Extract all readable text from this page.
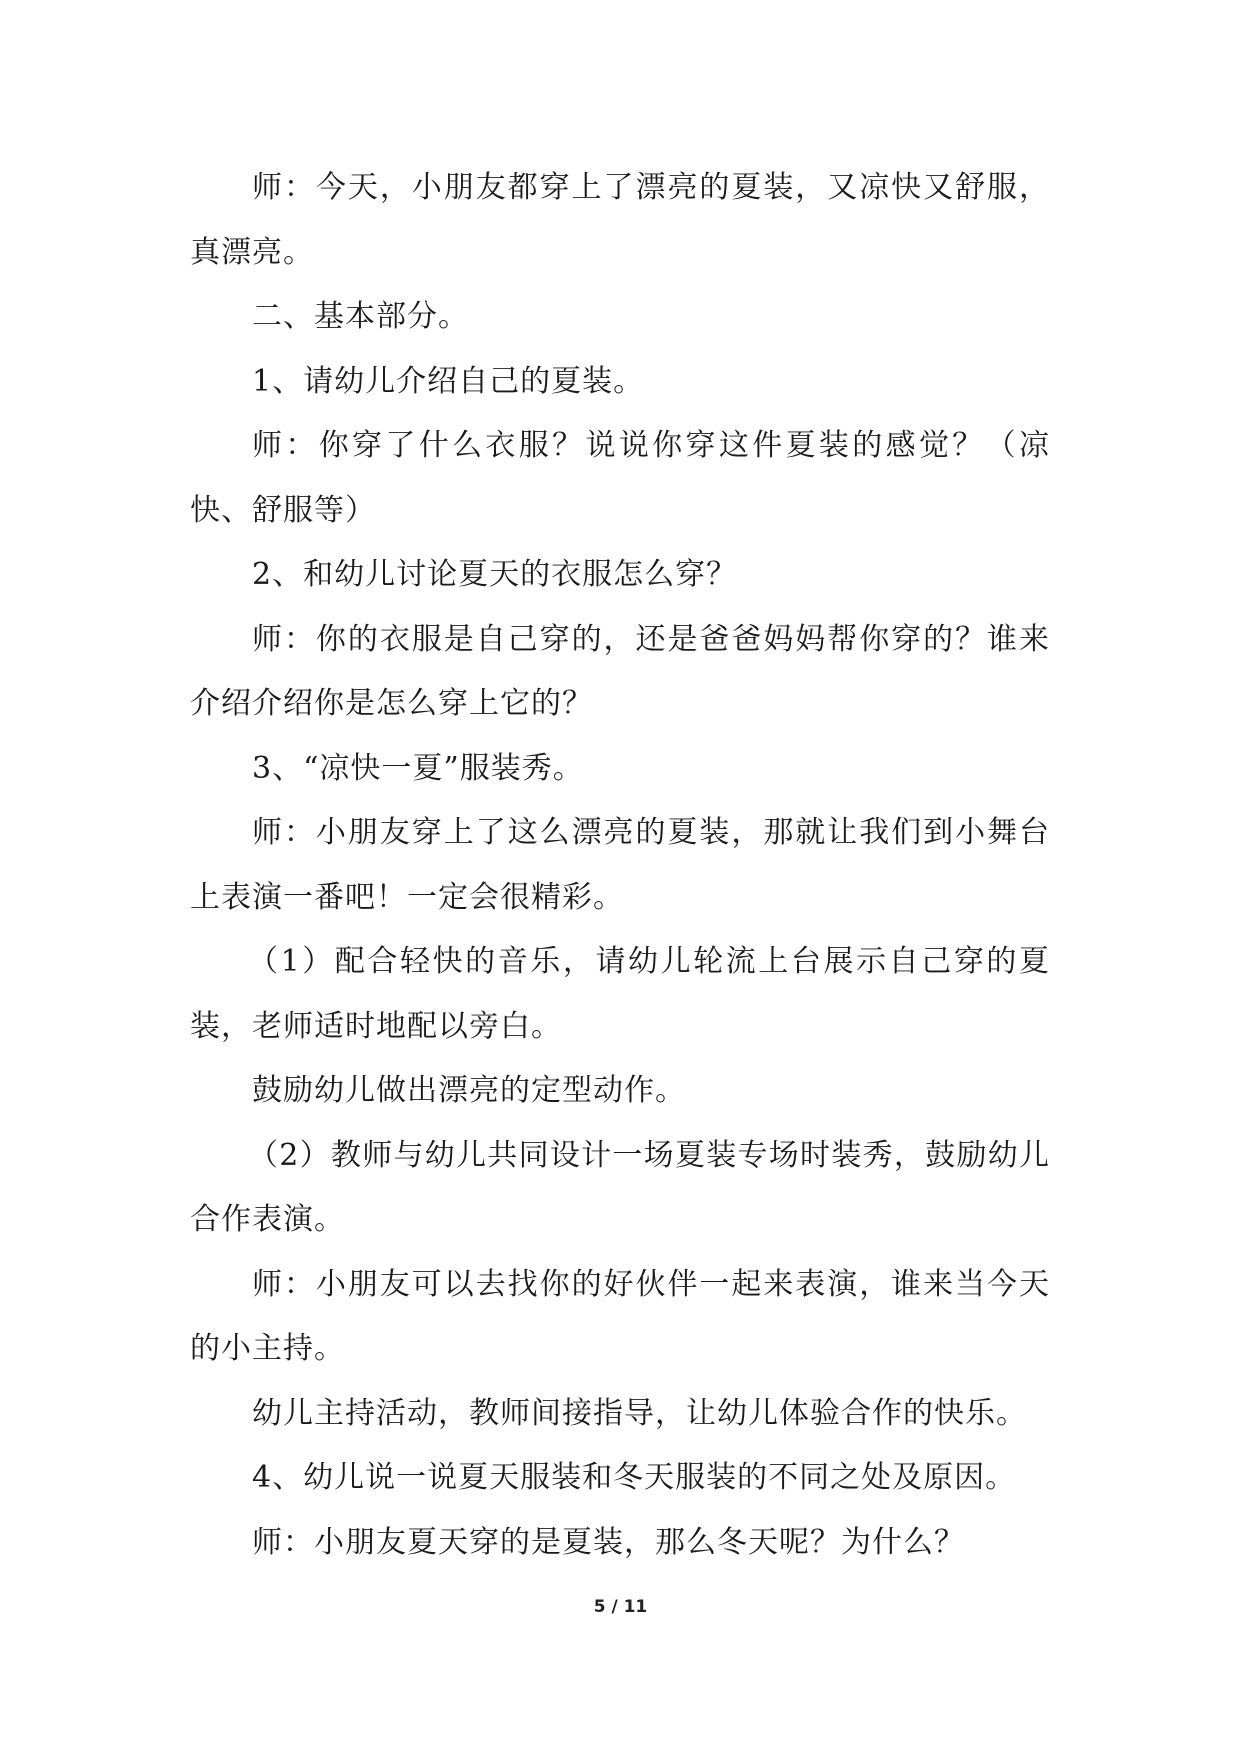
师：今天，小朋友都穿上了漂亮的夏装，又凉快又舒服，真漂亮。

二、基本部分。

1、请幼儿介绍自己的夏装。

师：你穿了什么衣服？说说你穿这件夏装的感觉？（凉快、舒服等）

2、和幼儿讨论夏天的衣服怎么穿？

师：你的衣服是自己穿的，还是爸爸妈妈帮你穿的？谁来介绍介绍你是怎么穿上它的？

3、“凉快一夏”服装秀。

师：小朋友穿上了这么漂亮的夏装，那就让我们到小舞台上表演一番吧！一定会很精彩。

（1）配合轻快的音乐，请幼儿轮流上台展示自己穿的夏装，老师适时地配以旁白。

鼓励幼儿做出漂亮的定型动作。

（2）教师与幼儿共同设计一场夏装专场时装秀，鼓励幼儿合作表演。

师：小朋友可以去找你的好伙伴一起来表演，谁来当今天的小主持。

幼儿主持活动，教师间接指导，让幼儿体验合作的快乐。

4、幼儿说一说夏天服装和冬天服装的不同之处及原因。

师：小朋友夏天穿的是夏装，那么冬天呢？为什么？

5 / 11
